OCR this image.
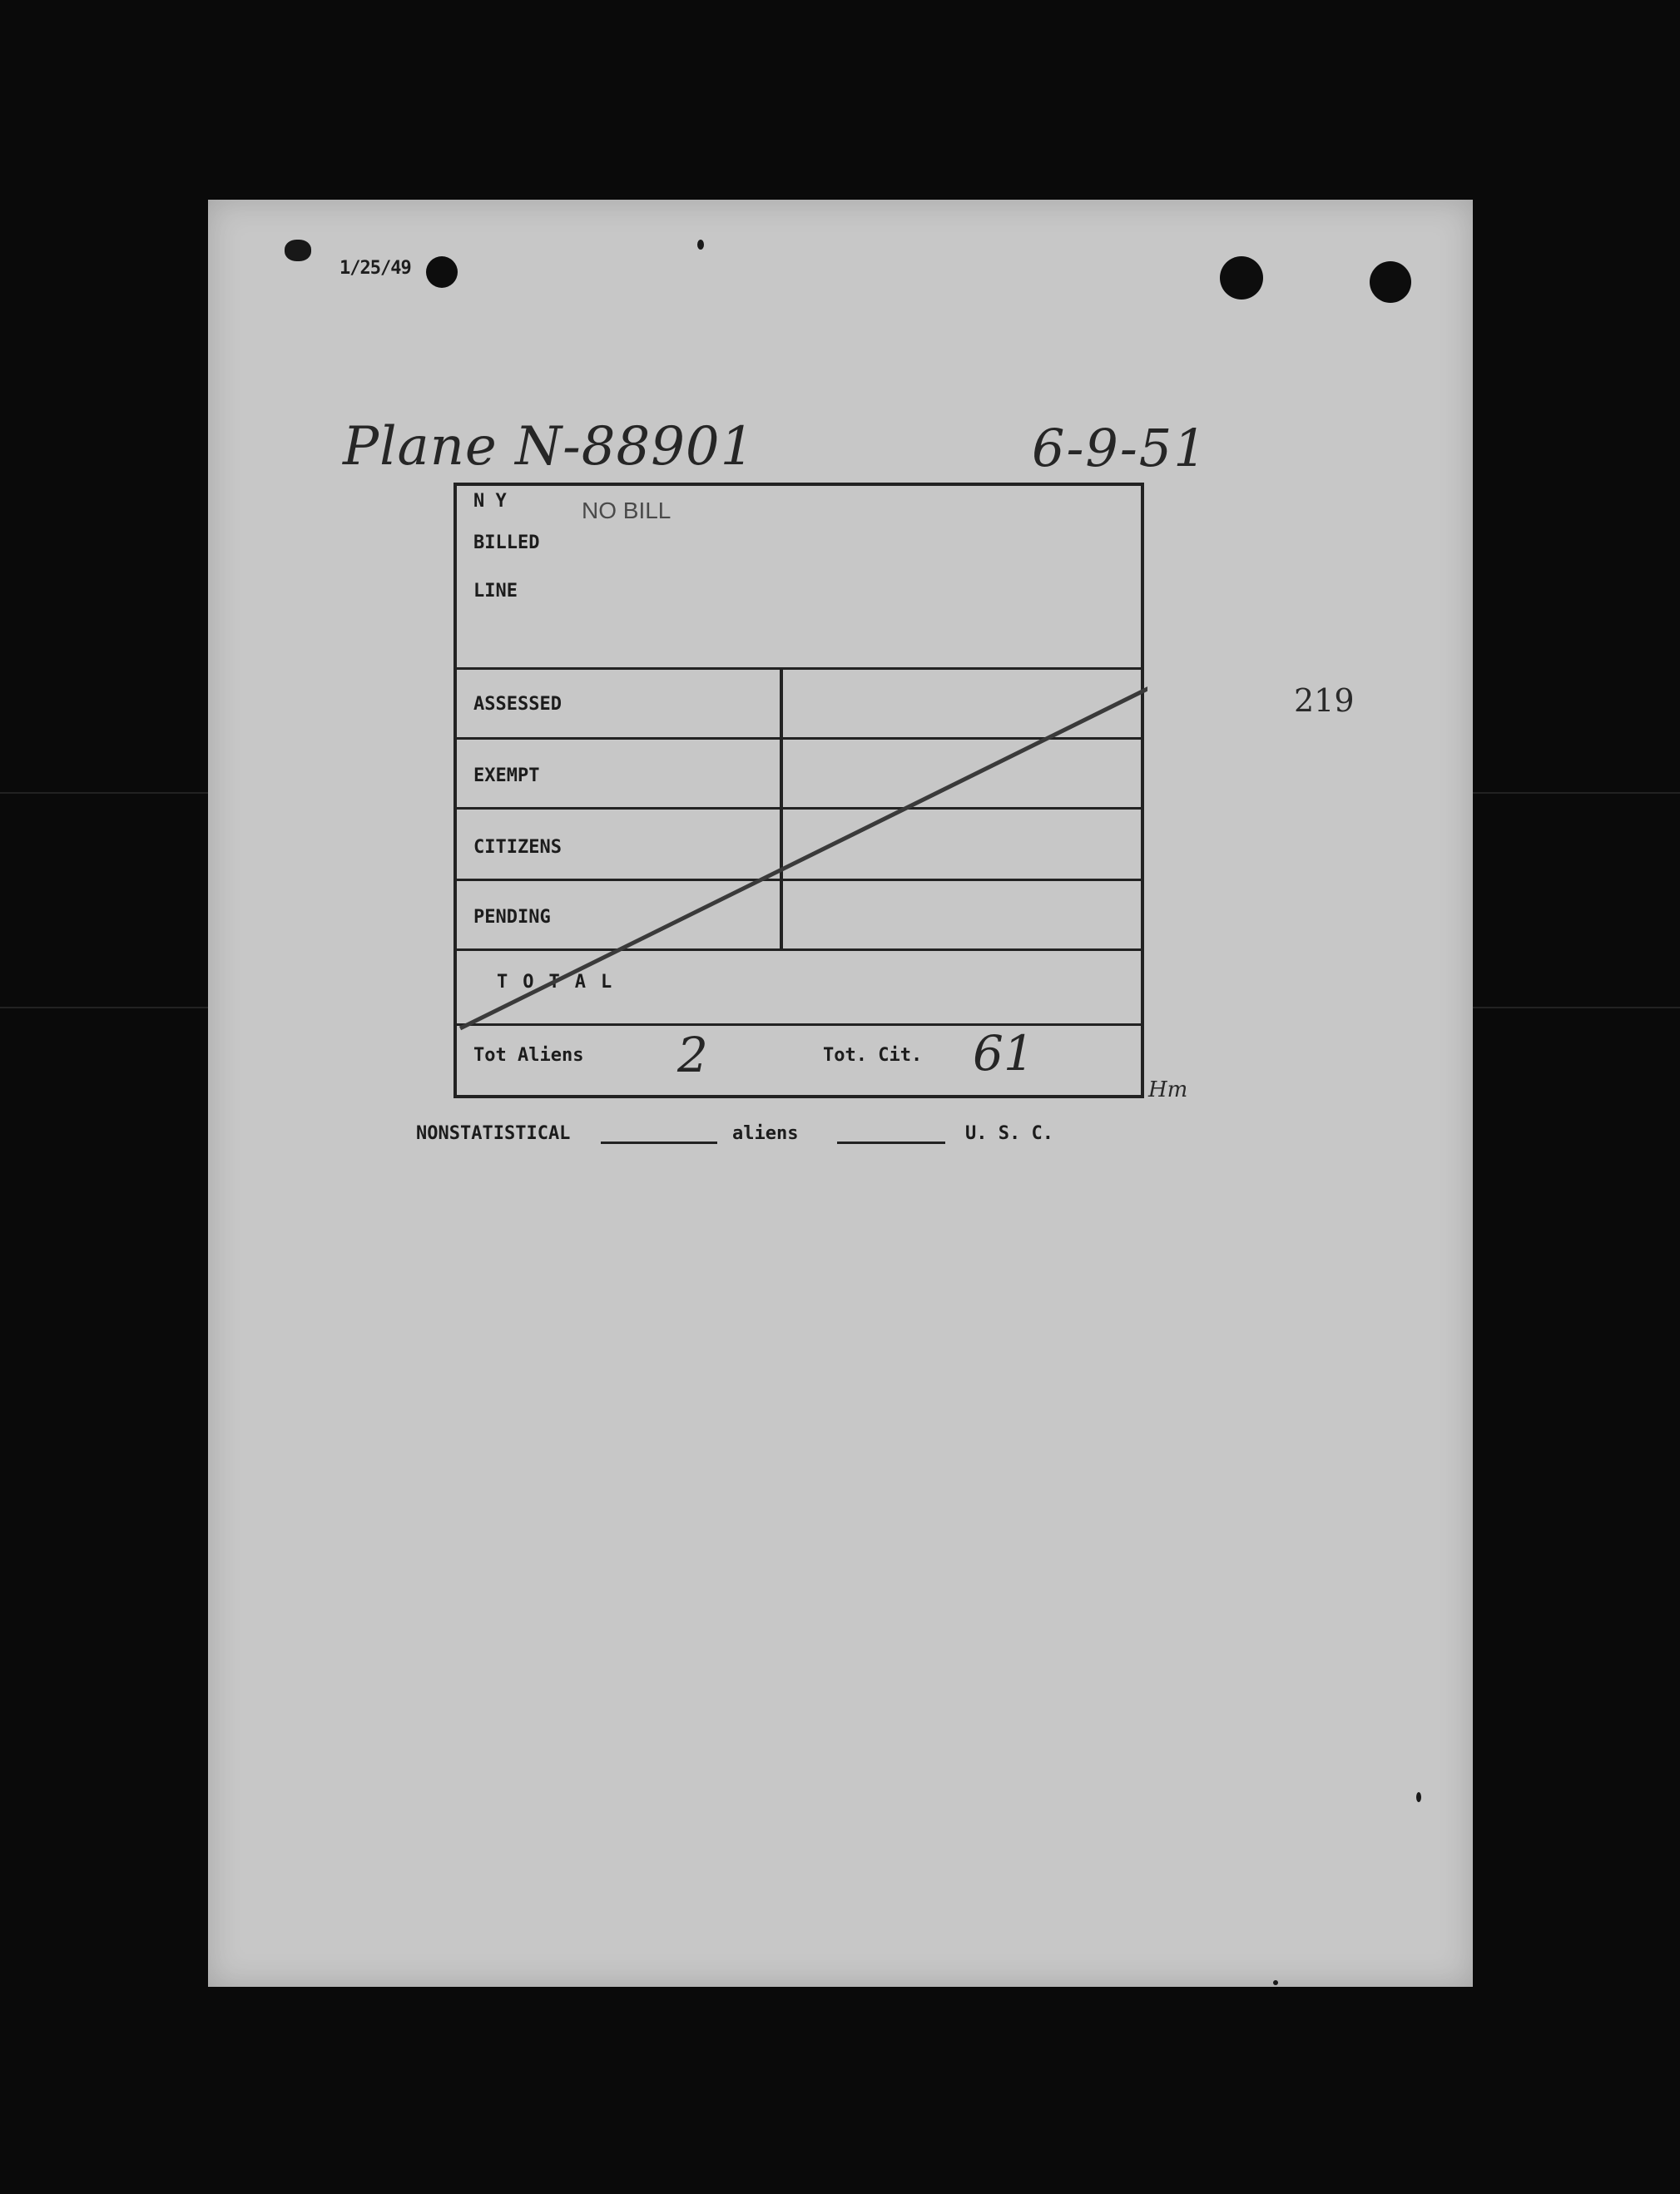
1/25/49
Plane N-88901	6-9-51
219
N Y	NO BILL
BILLED
LINE
ASSESSED
EXEMPT
CITIZENS
PENDING
TOTAL
Tot Aliens 2	Tot. Cit. 61
Hm
NONSTATISTICAL	aliens	U. S. C.
